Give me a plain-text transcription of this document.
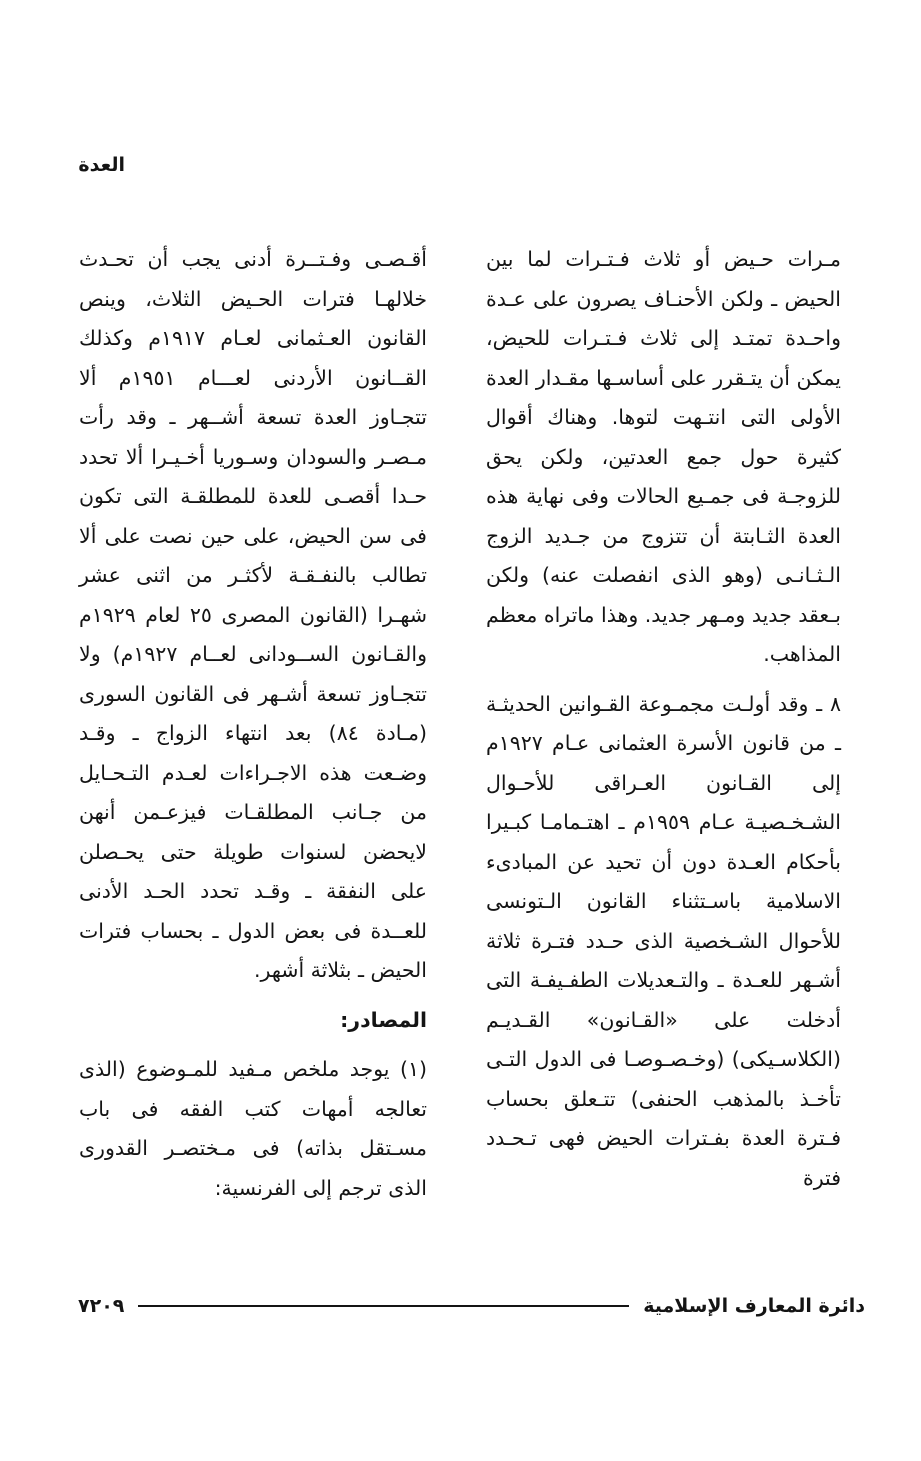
العدة

مـرات حـيض أو ثلاث فـتـرات لما بين الحيض ـ ولكن الأحنـاف يصرون على عـدة واحـدة تمتـد إلى ثلاث فـتـرات للحيض، يمكن أن يتـقرر على أساسـها مقـدار العدة الأولى التى انتـهت لتوها. وهناك أقوال كثيرة حول جمع العدتين، ولكن يحق للزوجـة فى جمـيع الحالات وفى نهاية هذه العدة الثـابتة أن تتزوج من جـديد الزوج الـثـانـى (وهو الذى انفصلت عنه) ولكن بـعقد جديد ومـهر جديد. وهذا ماتراه معظم المذاهب.

٨ ـ وقد أولـت مجمـوعة القـوانين الحديثـة ـ من قانون الأسرة العثمانى عـام ١٩٢٧م إلى القـانون العـراقى للأحـوال الشـخـصيـة عـام ١٩٥٩م ـ اهتـمامـا كبـيرا بأحكام العـدة دون أن تحيد عن المبادىء الاسلامية باسـتثناء القانون الـتونسى للأحوال الشـخصية الذى حـدد فتـرة ثلاثة أشـهر للعـدة ـ والتـعديلات الطفـيفـة التى أدخلت على «القـانون» القـديـم (الكلاسـيكى) (وخـصـوصـا فى الدول التـى تأخـذ بالمذهب الحنفى) تتـعلق بحساب فـترة العدة بفـترات الحيض فهى تـحـدد فترة

أقـصـى وفـتــرة أدنى يجب أن تحـدث خلالهـا فترات الحـيض الثلاث، وينص القانون العـثمانى لعـام ١٩١٧م وكذلك القــانون الأردنى لعـــام ١٩٥١م ألا تتجـاوز العدة تسعة أشــهر ـ وقد رأت مـصـر والسودان وسـوريا أخـيـرا ألا تحدد حـدا أقصـى للعدة للمطلقـة التى تكون فى سن الحيض، على حين نصت على ألا تطالب بالنفـقـة لأكثـر من اثنى عشر شهـرا (القانون المصرى ٢٥ لعام ١٩٢٩م والقـانون الســودانى لعــام ١٩٢٧م) ولا تتجـاوز تسعة أشـهر فى القانون السورى (مـادة ٨٤) بعد انتهاء الزواج ـ وقـد وضـعت هذه الاجـراءات لعـدم التـحـايل من جـانب المطلقـات فيزعـمن أنهن لايحضن لسنوات طويلة حتى يحـصلن على النفقة ـ وقـد تحدد الحـد الأدنى للعــدة فى بعض الدول ـ بحساب فترات الحيض ـ بثلاثة أشهر.

المصادر:

(١) يوجد ملخص مـفيد للمـوضوع (الذى تعالجه أمهات كتب الفقه فى باب مسـتقل بذاته) فى مـختصـر القدورى الذى ترجم إلى الفرنسية:

دائرة المعارف الإسلامية
٧٢٠٩
